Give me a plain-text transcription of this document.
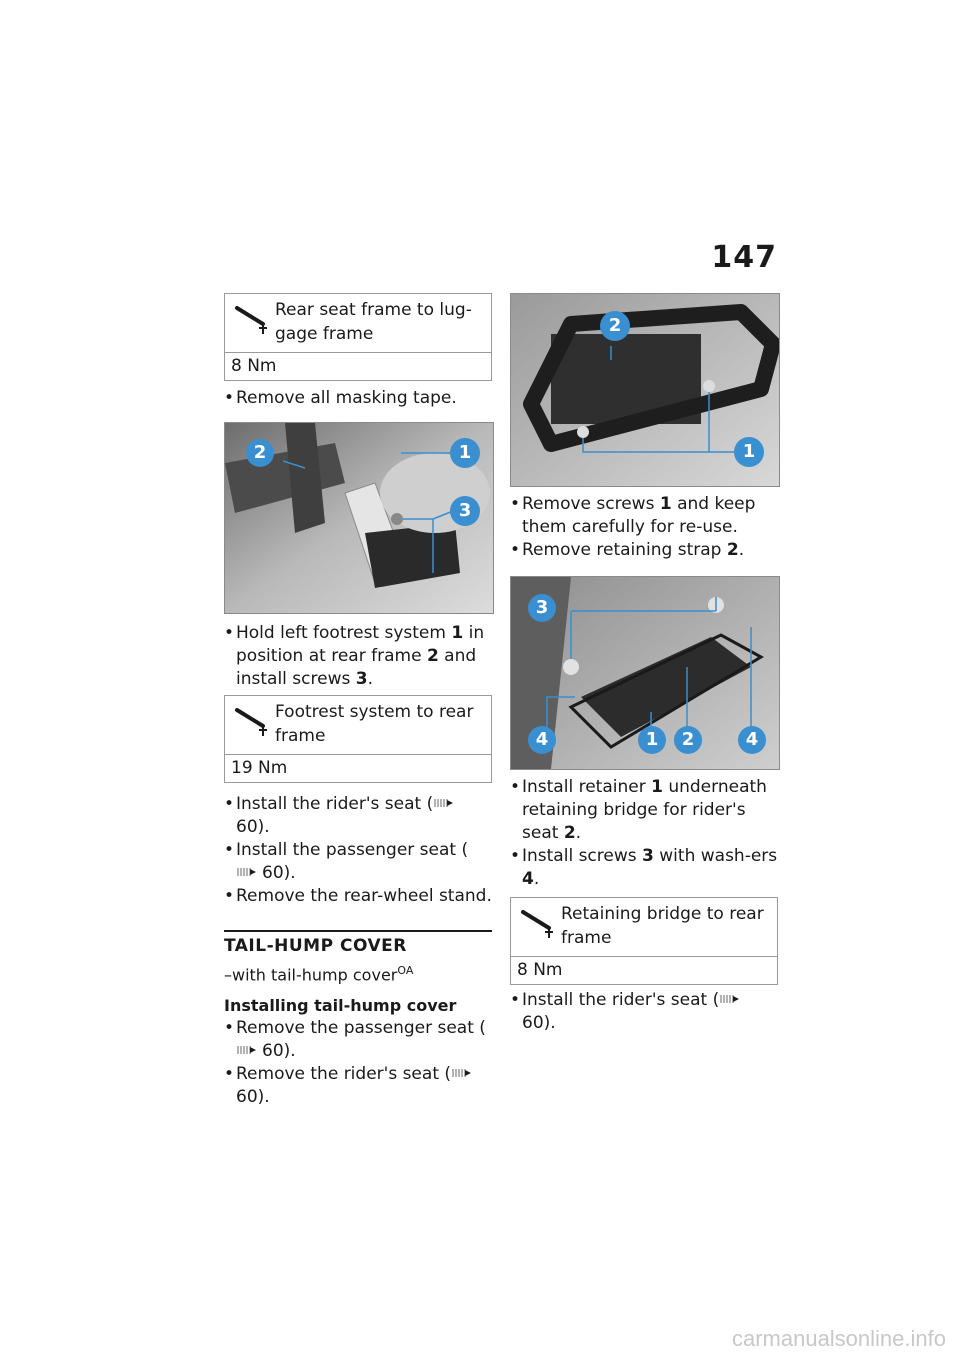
147
Rear seat frame to lug-gage frame
8 Nm
• Remove all masking tape.
2	1
3
• Hold left footrest system 1 in position at rear frame 2 and install screws 3.
Footrest system to rear frame
19 Nm
• Install the rider's seat (60).
• Install the passenger seat (60).
• Remove the rear-wheel stand.
TAIL-HUMP COVER
–with tail-hump cover$^{OA}$
Installing tail-hump cover
• Remove the passenger seat (60).
• Remove the rider's seat (60).
2
1
• Remove screws 1 and keep them carefully for re-use.
• Remove retaining strap 2.
3
4	1	2	4
• Install retainer 1 underneath retaining bridge for rider's seat 2.
• Install screws 3 with wash-ers 4.
Retaining bridge to rear frame
8 Nm
• Install the rider's seat (60).
carmanualsonline.info
